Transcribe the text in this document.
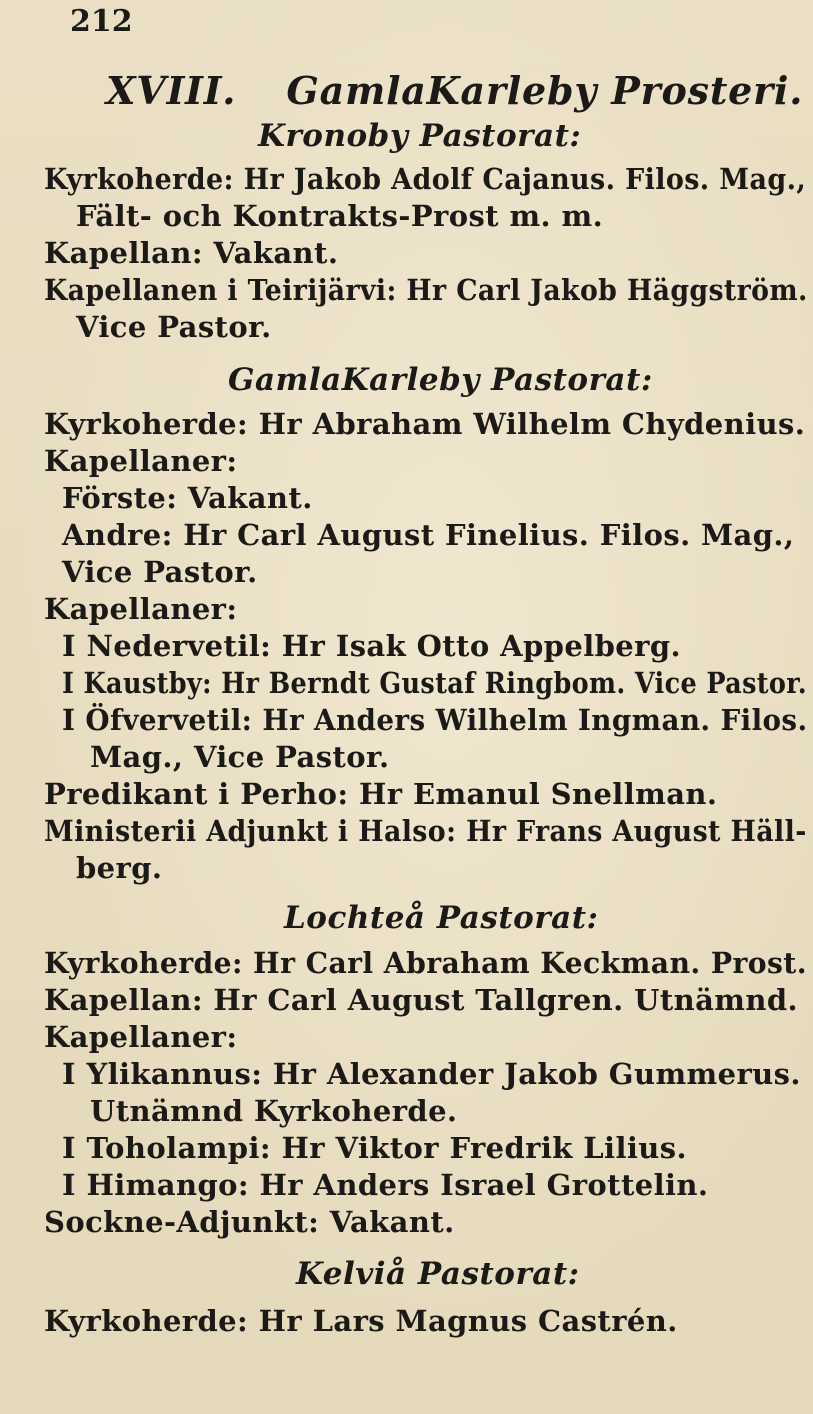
212
XVIII. GamlaKarleby Prosteri.
Kronoby Pastorat:
Kyrkoherde: Hr Jakob Adolf Cajanus. Filos. Mag.,
Fält- och Kontrakts-Prost m. m.
Kapellan: Vakant.
Kapellanen i Teirijärvi: Hr Carl Jakob Häggström.
Vice Pastor.
GamlaKarleby Pastorat:
Kyrkoherde: Hr Abraham Wilhelm Chydenius.
Kapellaner:
Förste: Vakant.
Andre: Hr Carl August Finelius. Filos. Mag.,
Vice Pastor.
Kapellaner:
I Nedervetil: Hr Isak Otto Appelberg.
I Kaustby: Hr Berndt Gustaf Ringbom. Vice Pastor.
I Öfvervetil: Hr Anders Wilhelm Ingman. Filos.
Mag., Vice Pastor.
Predikant i Perho: Hr Emanul Snellman.
Ministerii Adjunkt i Halso: Hr Frans August Häll-
berg.
Lochteå Pastorat:
Kyrkoherde: Hr Carl Abraham Keckman. Prost.
Kapellan: Hr Carl August Tallgren. Utnämnd.
Kapellaner:
I Ylikannus: Hr Alexander Jakob Gummerus.
Utnämnd Kyrkoherde.
I Toholampi: Hr Viktor Fredrik Lilius.
I Himango: Hr Anders Israel Grottelin.
Sockne-Adjunkt: Vakant.
Kelviå Pastorat:
Kyrkoherde: Hr Lars Magnus Castrén.
